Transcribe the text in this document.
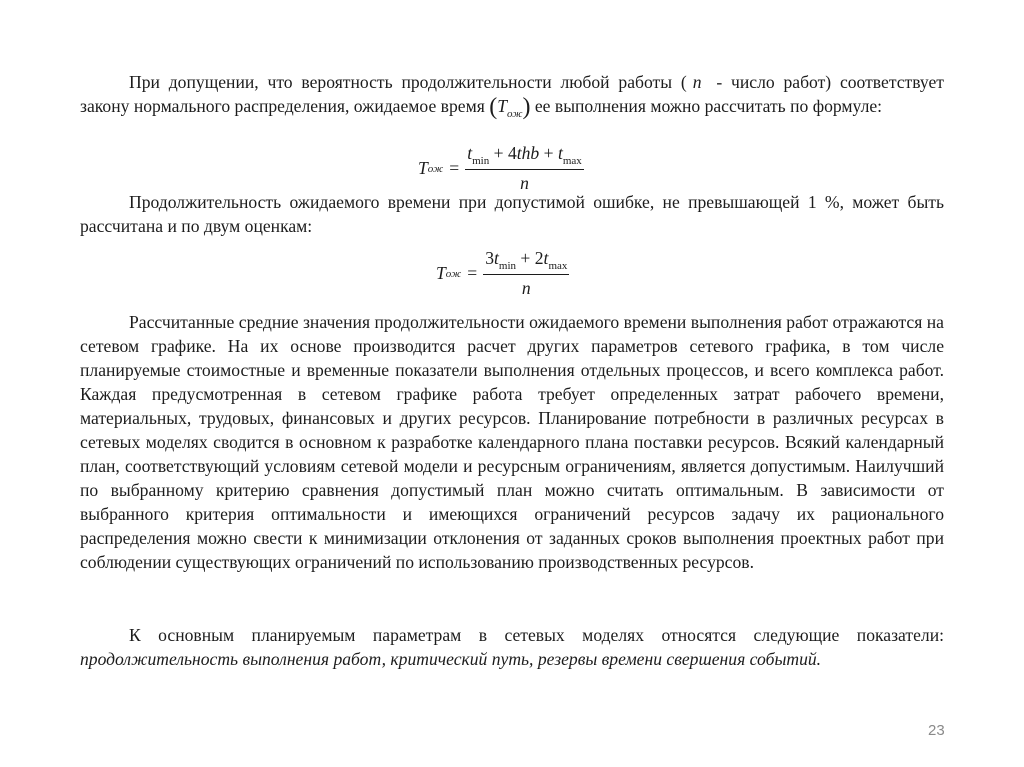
При допущении, что вероятность продолжительности любой работы ( n - число работ) соответствует закону нормального распределения, ожидаемое время $(T_{ож})$ ее выполнения можно рассчитать по формуле:

T ож = $\frac{t_{min} + 4thb + t_{max}}{n}$

Продолжительность ожидаемого времени при допустимой ошибке, не превышающей 1 %, может быть рассчитана и по двум оценкам:

T ож = $\frac{3t_{min} + 2t_{max}}{n}$

Рассчитанные средние значения продолжительности ожидаемого времени выполнения работ отражаются на сетевом графике. На их основе производится расчет других параметров сетевого графика, в том числе планируемые стоимостные и временные показатели выполнения отдельных процессов, и всего комплекса работ. Каждая предусмотренная в сетевом графике работа требует определенных затрат рабочего времени, материальных, трудовых, финансовых и других ресурсов. Планирование потребности в различных ресурсах в сетевых моделях сводится в основном к разработке календарного плана поставки ресурсов. Всякий календарный план, соответствующий условиям сетевой модели и ресурсным ограничениям, является допустимым. Наилучший по выбранному критерию сравнения допустимый план можно считать оптимальным. В зависимости от выбранного критерия оптимальности и имеющихся ограничений ресурсов задачу их рационального распределения можно свести к минимизации отклонения от заданных сроков выполнения проектных работ при соблюдении существующих ограничений по использованию производственных ресурсов.

К основным планируемым параметрам в сетевых моделях относятся следующие показатели: продолжительность выполнения работ, критический путь, резервы времени свершения событий.

23
